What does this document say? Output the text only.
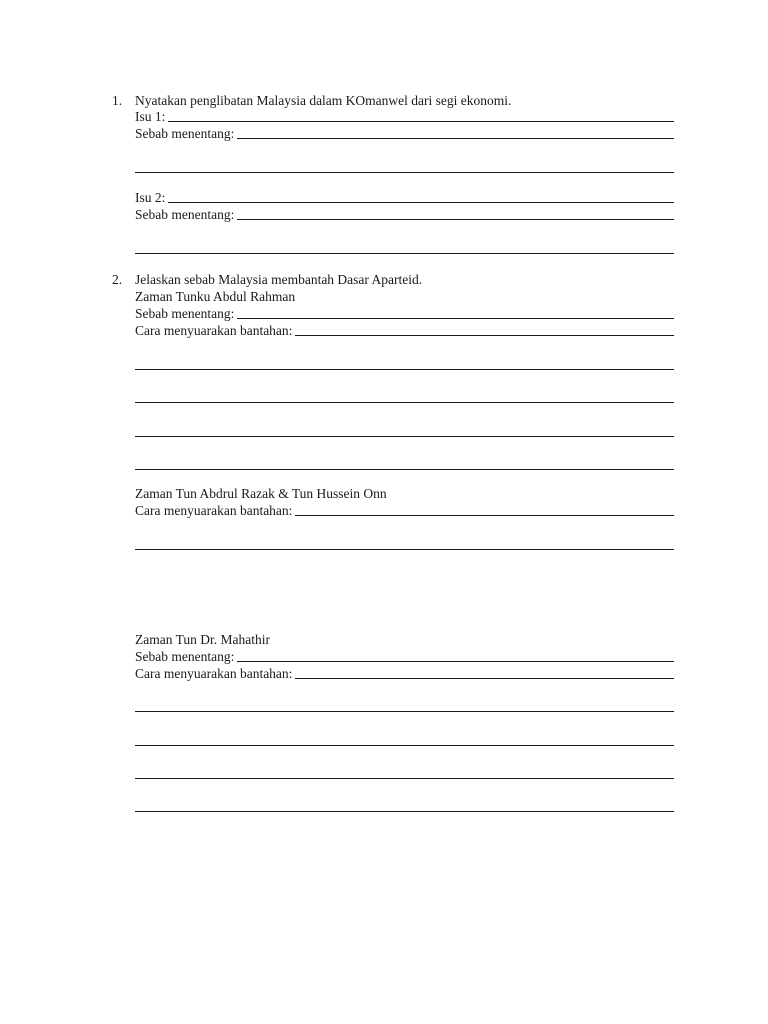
1. Nyatakan penglibatan Malaysia dalam KOmanwel dari segi ekonomi.
Isu 1:
Sebab menentang:
Isu 2:
Sebab menentang:
2. Jelaskan sebab Malaysia membantah Dasar Aparteid.
Zaman Tunku Abdul Rahman
Sebab menentang:
Cara menyuarakan bantahan:
Zaman Tun Abdrul Razak & Tun Hussein Onn
Cara menyuarakan bantahan:
Zaman Tun Dr. Mahathir
Sebab menentang:
Cara menyuarakan bantahan:
